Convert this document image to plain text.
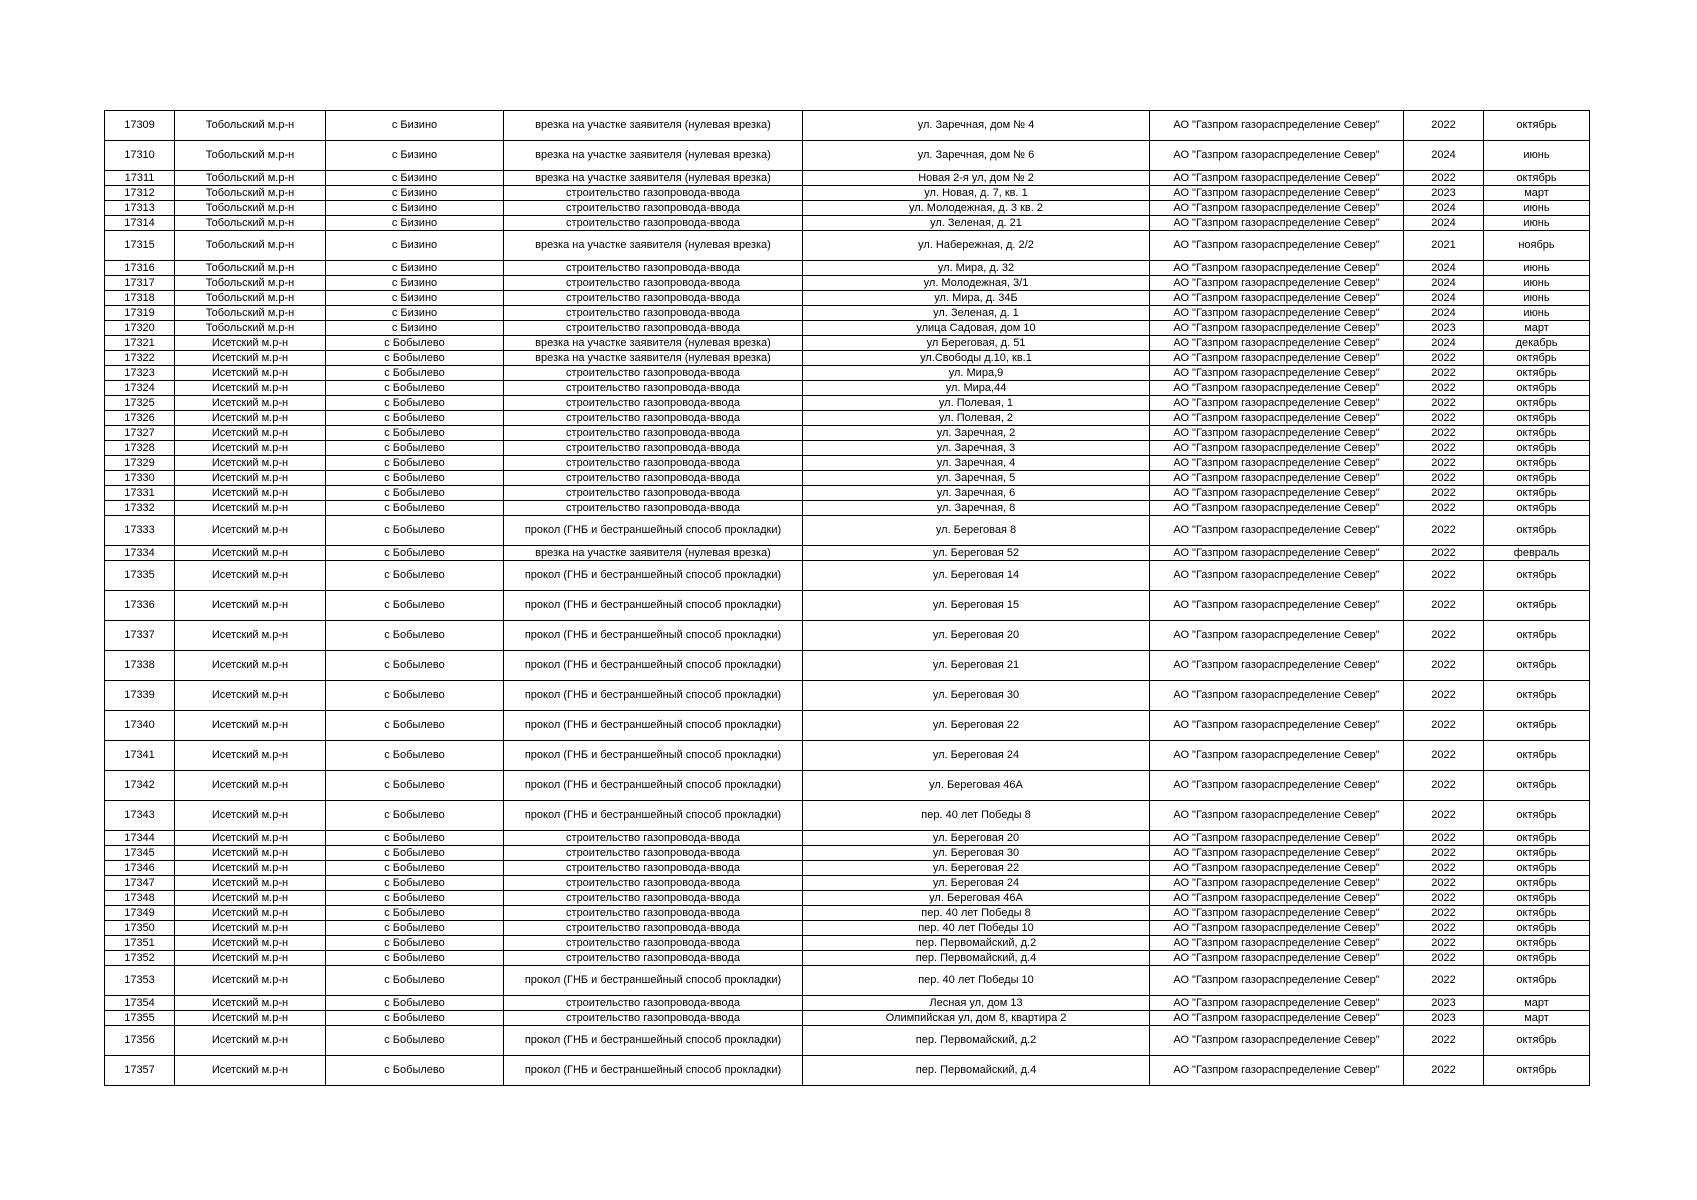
17309	Тобольский м.р-н	с Бизино	врезка на участке заявителя (нулевая врезка)	ул. Заречная, дом № 4	АО "Газпром газораспределение Север"	2022	октябрь
17310	Тобольский м.р-н	с Бизино	врезка на участке заявителя (нулевая врезка)	ул. Заречная, дом № 6	АО "Газпром газораспределение Север"	2024	июнь
17311	Тобольский м.р-н	с Бизино	врезка на участке заявителя (нулевая врезка)	Новая 2-я ул, дом № 2	АО "Газпром газораспределение Север"	2022	октябрь
17312	Тобольский м.р-н	с Бизино	строительство газопровода-ввода	ул. Новая, д. 7, кв. 1	АО "Газпром газораспределение Север"	2023	март
17313	Тобольский м.р-н	с Бизино	строительство газопровода-ввода	ул. Молодежная, д. 3 кв. 2	АО "Газпром газораспределение Север"	2024	июнь
17314	Тобольский м.р-н	с Бизино	строительство газопровода-ввода	ул. Зеленая, д. 21	АО "Газпром газораспределение Север"	2024	июнь
17315	Тобольский м.р-н	с Бизино	врезка на участке заявителя (нулевая врезка)	ул. Набережная, д. 2/2	АО "Газпром газораспределение Север"	2021	ноябрь
17316	Тобольский м.р-н	с Бизино	строительство газопровода-ввода	ул. Мира, д. 32	АО "Газпром газораспределение Север"	2024	июнь
17317	Тобольский м.р-н	с Бизино	строительство газопровода-ввода	ул. Молодежная, 3/1	АО "Газпром газораспределение Север"	2024	июнь
17318	Тобольский м.р-н	с Бизино	строительство газопровода-ввода	ул. Мира, д. 34Б	АО "Газпром газораспределение Север"	2024	июнь
17319	Тобольский м.р-н	с Бизино	строительство газопровода-ввода	ул. Зеленая, д. 1	АО "Газпром газораспределение Север"	2024	июнь
17320	Тобольский м.р-н	с Бизино	строительство газопровода-ввода	улица Садовая, дом 10	АО "Газпром газораспределение Север"	2023	март
17321	Исетский м.р-н	с Бобылево	врезка на участке заявителя (нулевая врезка)	ул Береговая, д. 51	АО "Газпром газораспределение Север"	2024	декабрь
17322	Исетский м.р-н	с Бобылево	врезка на участке заявителя (нулевая врезка)	ул.Свободы д.10, кв.1	АО "Газпром газораспределение Север"	2022	октябрь
17323	Исетский м.р-н	с Бобылево	строительство газопровода-ввода	ул. Мира,9	АО "Газпром газораспределение Север"	2022	октябрь
17324	Исетский м.р-н	с Бобылево	строительство газопровода-ввода	ул. Мира,44	АО "Газпром газораспределение Север"	2022	октябрь
17325	Исетский м.р-н	с Бобылево	строительство газопровода-ввода	ул. Полевая, 1	АО "Газпром газораспределение Север"	2022	октябрь
17326	Исетский м.р-н	с Бобылево	строительство газопровода-ввода	ул. Полевая, 2	АО "Газпром газораспределение Север"	2022	октябрь
17327	Исетский м.р-н	с Бобылево	строительство газопровода-ввода	ул. Заречная, 2	АО "Газпром газораспределение Север"	2022	октябрь
17328	Исетский м.р-н	с Бобылево	строительство газопровода-ввода	ул. Заречная, 3	АО "Газпром газораспределение Север"	2022	октябрь
17329	Исетский м.р-н	с Бобылево	строительство газопровода-ввода	ул. Заречная, 4	АО "Газпром газораспределение Север"	2022	октябрь
17330	Исетский м.р-н	с Бобылево	строительство газопровода-ввода	ул. Заречная, 5	АО "Газпром газораспределение Север"	2022	октябрь
17331	Исетский м.р-н	с Бобылево	строительство газопровода-ввода	ул. Заречная, 6	АО "Газпром газораспределение Север"	2022	октябрь
17332	Исетский м.р-н	с Бобылево	строительство газопровода-ввода	ул. Заречная, 8	АО "Газпром газораспределение Север"	2022	октябрь
17333	Исетский м.р-н	с Бобылево	прокол (ГНБ и бестраншейный способ прокладки)	ул. Береговая 8	АО "Газпром газораспределение Север"	2022	октябрь
17334	Исетский м.р-н	с Бобылево	врезка на участке заявителя (нулевая врезка)	ул. Береговая 52	АО "Газпром газораспределение Север"	2022	февраль
17335	Исетский м.р-н	с Бобылево	прокол (ГНБ и бестраншейный способ прокладки)	ул. Береговая 14	АО "Газпром газораспределение Север"	2022	октябрь
17336	Исетский м.р-н	с Бобылево	прокол (ГНБ и бестраншейный способ прокладки)	ул. Береговая 15	АО "Газпром газораспределение Север"	2022	октябрь
17337	Исетский м.р-н	с Бобылево	прокол (ГНБ и бестраншейный способ прокладки)	ул. Береговая 20	АО "Газпром газораспределение Север"	2022	октябрь
17338	Исетский м.р-н	с Бобылево	прокол (ГНБ и бестраншейный способ прокладки)	ул. Береговая 21	АО "Газпром газораспределение Север"	2022	октябрь
17339	Исетский м.р-н	с Бобылево	прокол (ГНБ и бестраншейный способ прокладки)	ул. Береговая 30	АО "Газпром газораспределение Север"	2022	октябрь
17340	Исетский м.р-н	с Бобылево	прокол (ГНБ и бестраншейный способ прокладки)	ул. Береговая 22	АО "Газпром газораспределение Север"	2022	октябрь
17341	Исетский м.р-н	с Бобылево	прокол (ГНБ и бестраншейный способ прокладки)	ул. Береговая 24	АО "Газпром газораспределение Север"	2022	октябрь
17342	Исетский м.р-н	с Бобылево	прокол (ГНБ и бестраншейный способ прокладки)	ул. Береговая 46А	АО "Газпром газораспределение Север"	2022	октябрь
17343	Исетский м.р-н	с Бобылево	прокол (ГНБ и бестраншейный способ прокладки)	пер. 40 лет Победы 8	АО "Газпром газораспределение Север"	2022	октябрь
17344	Исетский м.р-н	с Бобылево	строительство газопровода-ввода	ул. Береговая 20	АО "Газпром газораспределение Север"	2022	октябрь
17345	Исетский м.р-н	с Бобылево	строительство газопровода-ввода	ул. Береговая 30	АО "Газпром газораспределение Север"	2022	октябрь
17346	Исетский м.р-н	с Бобылево	строительство газопровода-ввода	ул. Береговая 22	АО "Газпром газораспределение Север"	2022	октябрь
17347	Исетский м.р-н	с Бобылево	строительство газопровода-ввода	ул. Береговая 24	АО "Газпром газораспределение Север"	2022	октябрь
17348	Исетский м.р-н	с Бобылево	строительство газопровода-ввода	ул. Береговая 46А	АО "Газпром газораспределение Север"	2022	октябрь
17349	Исетский м.р-н	с Бобылево	строительство газопровода-ввода	пер. 40 лет Победы 8	АО "Газпром газораспределение Север"	2022	октябрь
17350	Исетский м.р-н	с Бобылево	строительство газопровода-ввода	пер. 40 лет Победы 10	АО "Газпром газораспределение Север"	2022	октябрь
17351	Исетский м.р-н	с Бобылево	строительство газопровода-ввода	пер. Первомайский, д.2	АО "Газпром газораспределение Север"	2022	октябрь
17352	Исетский м.р-н	с Бобылево	строительство газопровода-ввода	пер. Первомайский, д.4	АО "Газпром газораспределение Север"	2022	октябрь
17353	Исетский м.р-н	с Бобылево	прокол (ГНБ и бестраншейный способ прокладки)	пер. 40 лет Победы 10	АО "Газпром газораспределение Север"	2022	октябрь
17354	Исетский м.р-н	с Бобылево	строительство газопровода-ввода	Лесная ул, дом 13	АО "Газпром газораспределение Север"	2023	март
17355	Исетский м.р-н	с Бобылево	строительство газопровода-ввода	Олимпийская ул, дом 8, квартира 2	АО "Газпром газораспределение Север"	2023	март
17356	Исетский м.р-н	с Бобылево	прокол (ГНБ и бестраншейный способ прокладки)	пер. Первомайский, д.2	АО "Газпром газораспределение Север"	2022	октябрь
17357	Исетский м.р-н	с Бобылево	прокол (ГНБ и бестраншейный способ прокладки)	пер. Первомайский, д.4	АО "Газпром газораспределение Север"	2022	октябрь
